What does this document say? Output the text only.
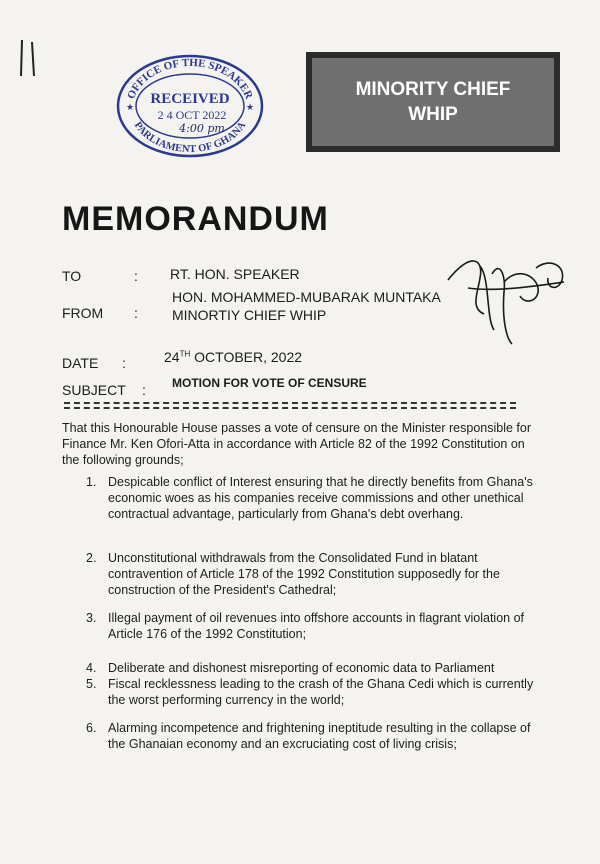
OFFICE OF THE SPEAKER
PARLIAMENT OF GHANA
RECEIVED
2 4 OCT 2022
4:00 pm
★	★
MINORITY CHIEF WHIP
MEMORANDUM
TO	: RT. HON. SPEAKER
FROM :
HON. MOHAMMED-MUBARAK MUNTAKA
MINORTIY CHIEF WHIP
DATE :	24TH OCTOBER, 2022
SUBJECT : MOTION FOR VOTE OF CENSURE
That this Honourable House passes a vote of censure on the Minister responsible for Finance Mr. Ken Ofori-Atta in accordance with Article 82 of the 1992 Constitution on the following grounds;
1. Despicable conflict of Interest ensuring that he directly benefits from Ghana's economic woes as his companies receive commissions and other unethical contractual advantage, particularly from Ghana's debt overhang.
2. Unconstitutional withdrawals from the Consolidated Fund in blatant contravention of Article 178 of the 1992 Constitution supposedly for the construction of the President's Cathedral;
3. Illegal payment of oil revenues into offshore accounts in flagrant violation of Article 176 of the 1992 Constitution;
4. Deliberate and dishonest misreporting of economic data to Parliament
5. Fiscal recklessness leading to the crash of the Ghana Cedi which is currently the worst performing currency in the world;
6. Alarming incompetence and frightening ineptitude resulting in the collapse of the Ghanaian economy and an excruciating cost of living crisis;
